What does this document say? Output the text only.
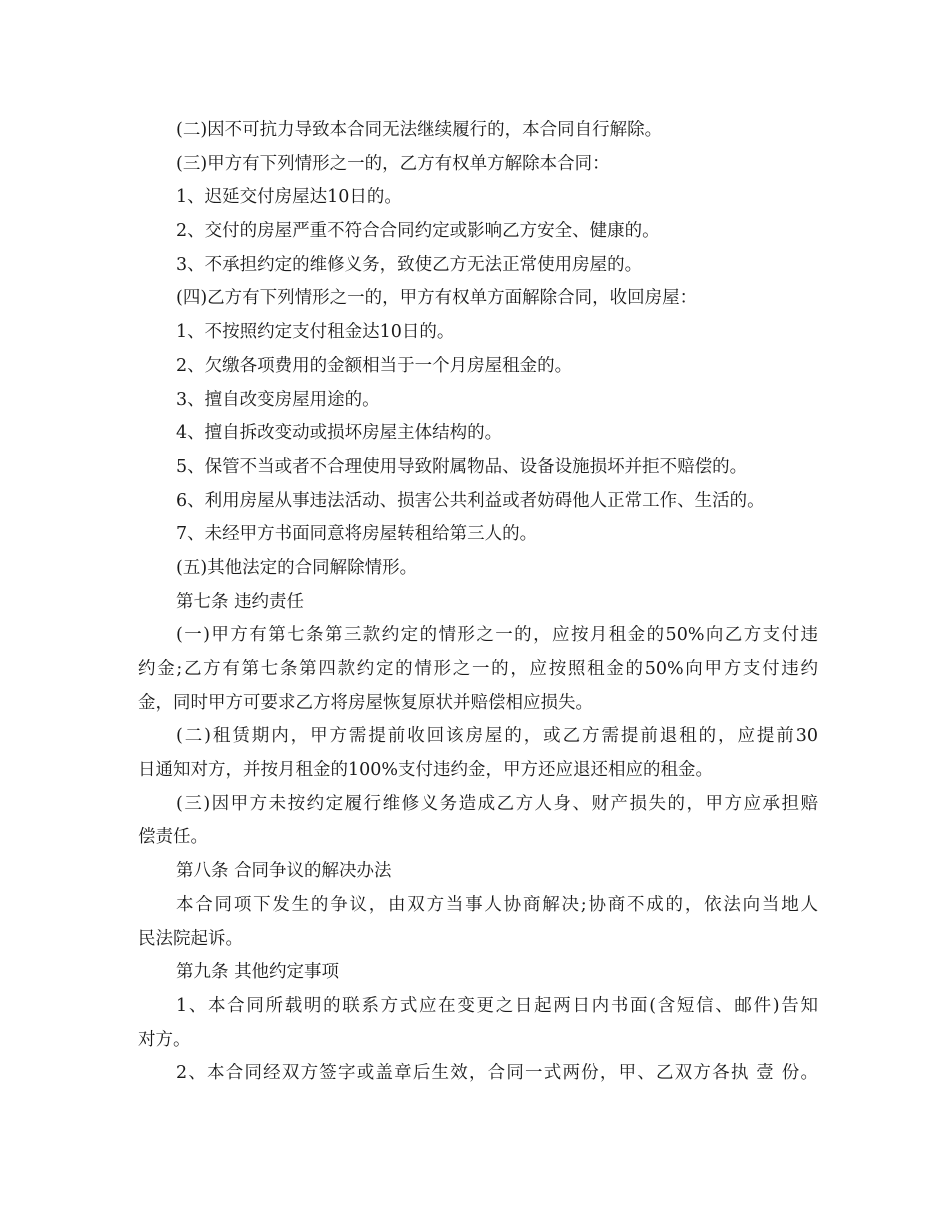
(二)因不可抗力导致本合同无法继续履行的，本合同自行解除。
(三)甲方有下列情形之一的，乙方有权单方解除本合同：
1、迟延交付房屋达10日的。
2、交付的房屋严重不符合合同约定或影响乙方安全、健康的。
3、不承担约定的维修义务，致使乙方无法正常使用房屋的。
(四)乙方有下列情形之一的，甲方有权单方面解除合同，收回房屋：
1、不按照约定支付租金达10日的。
2、欠缴各项费用的金额相当于一个月房屋租金的。
3、擅自改变房屋用途的。
4、擅自拆改变动或损坏房屋主体结构的。
5、保管不当或者不合理使用导致附属物品、设备设施损坏并拒不赔偿的。
6、利用房屋从事违法活动、损害公共利益或者妨碍他人正常工作、生活的。
7、未经甲方书面同意将房屋转租给第三人的。
(五)其他法定的合同解除情形。
第七条 违约责任
(一)甲方有第七条第三款约定的情形之一的，应按月租金的50%向乙方支付违
约金;乙方有第七条第四款约定的情形之一的，应按照租金的50%向甲方支付违约
金，同时甲方可要求乙方将房屋恢复原状并赔偿相应损失。
(二)租赁期内，甲方需提前收回该房屋的，或乙方需提前退租的，应提前30
日通知对方，并按月租金的100%支付违约金，甲方还应退还相应的租金。
(三)因甲方未按约定履行维修义务造成乙方人身、财产损失的，甲方应承担赔
偿责任。
第八条 合同争议的解决办法
本合同项下发生的争议，由双方当事人协商解决;协商不成的，依法向当地人
民法院起诉。
第九条 其他约定事项
1、本合同所载明的联系方式应在变更之日起两日内书面(含短信、邮件)告知
对方。
2、本合同经双方签字或盖章后生效，合同一式两份，甲、乙双方各执 壹 份。
